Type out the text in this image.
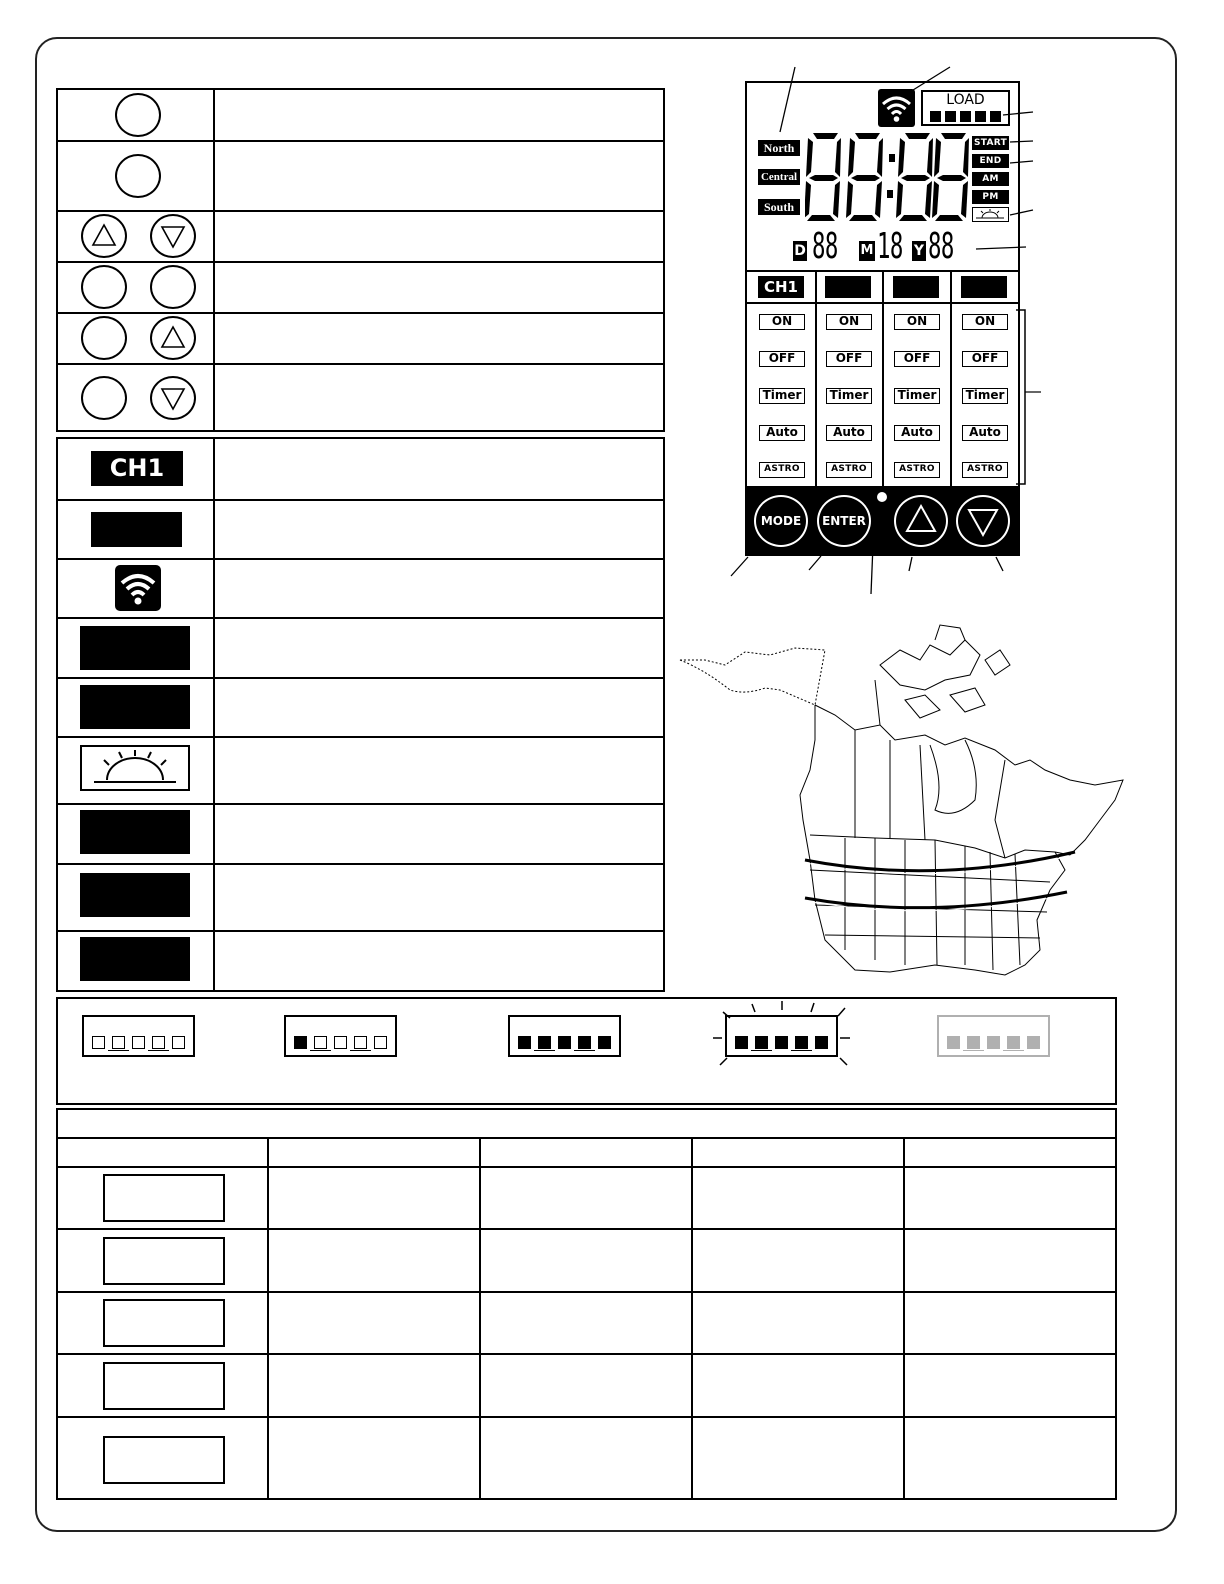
CH1
LOAD
North
Central
South
START
END
AM
PM
D 88 M 18 Y 88
CH1
ON
OFF
Timer
Auto
ASTRO
ON
OFF
Timer
Auto
ASTRO
ON
OFF
Timer
Auto
ASTRO
ON
OFF
Timer
Auto
ASTRO
MODE	ENTER
